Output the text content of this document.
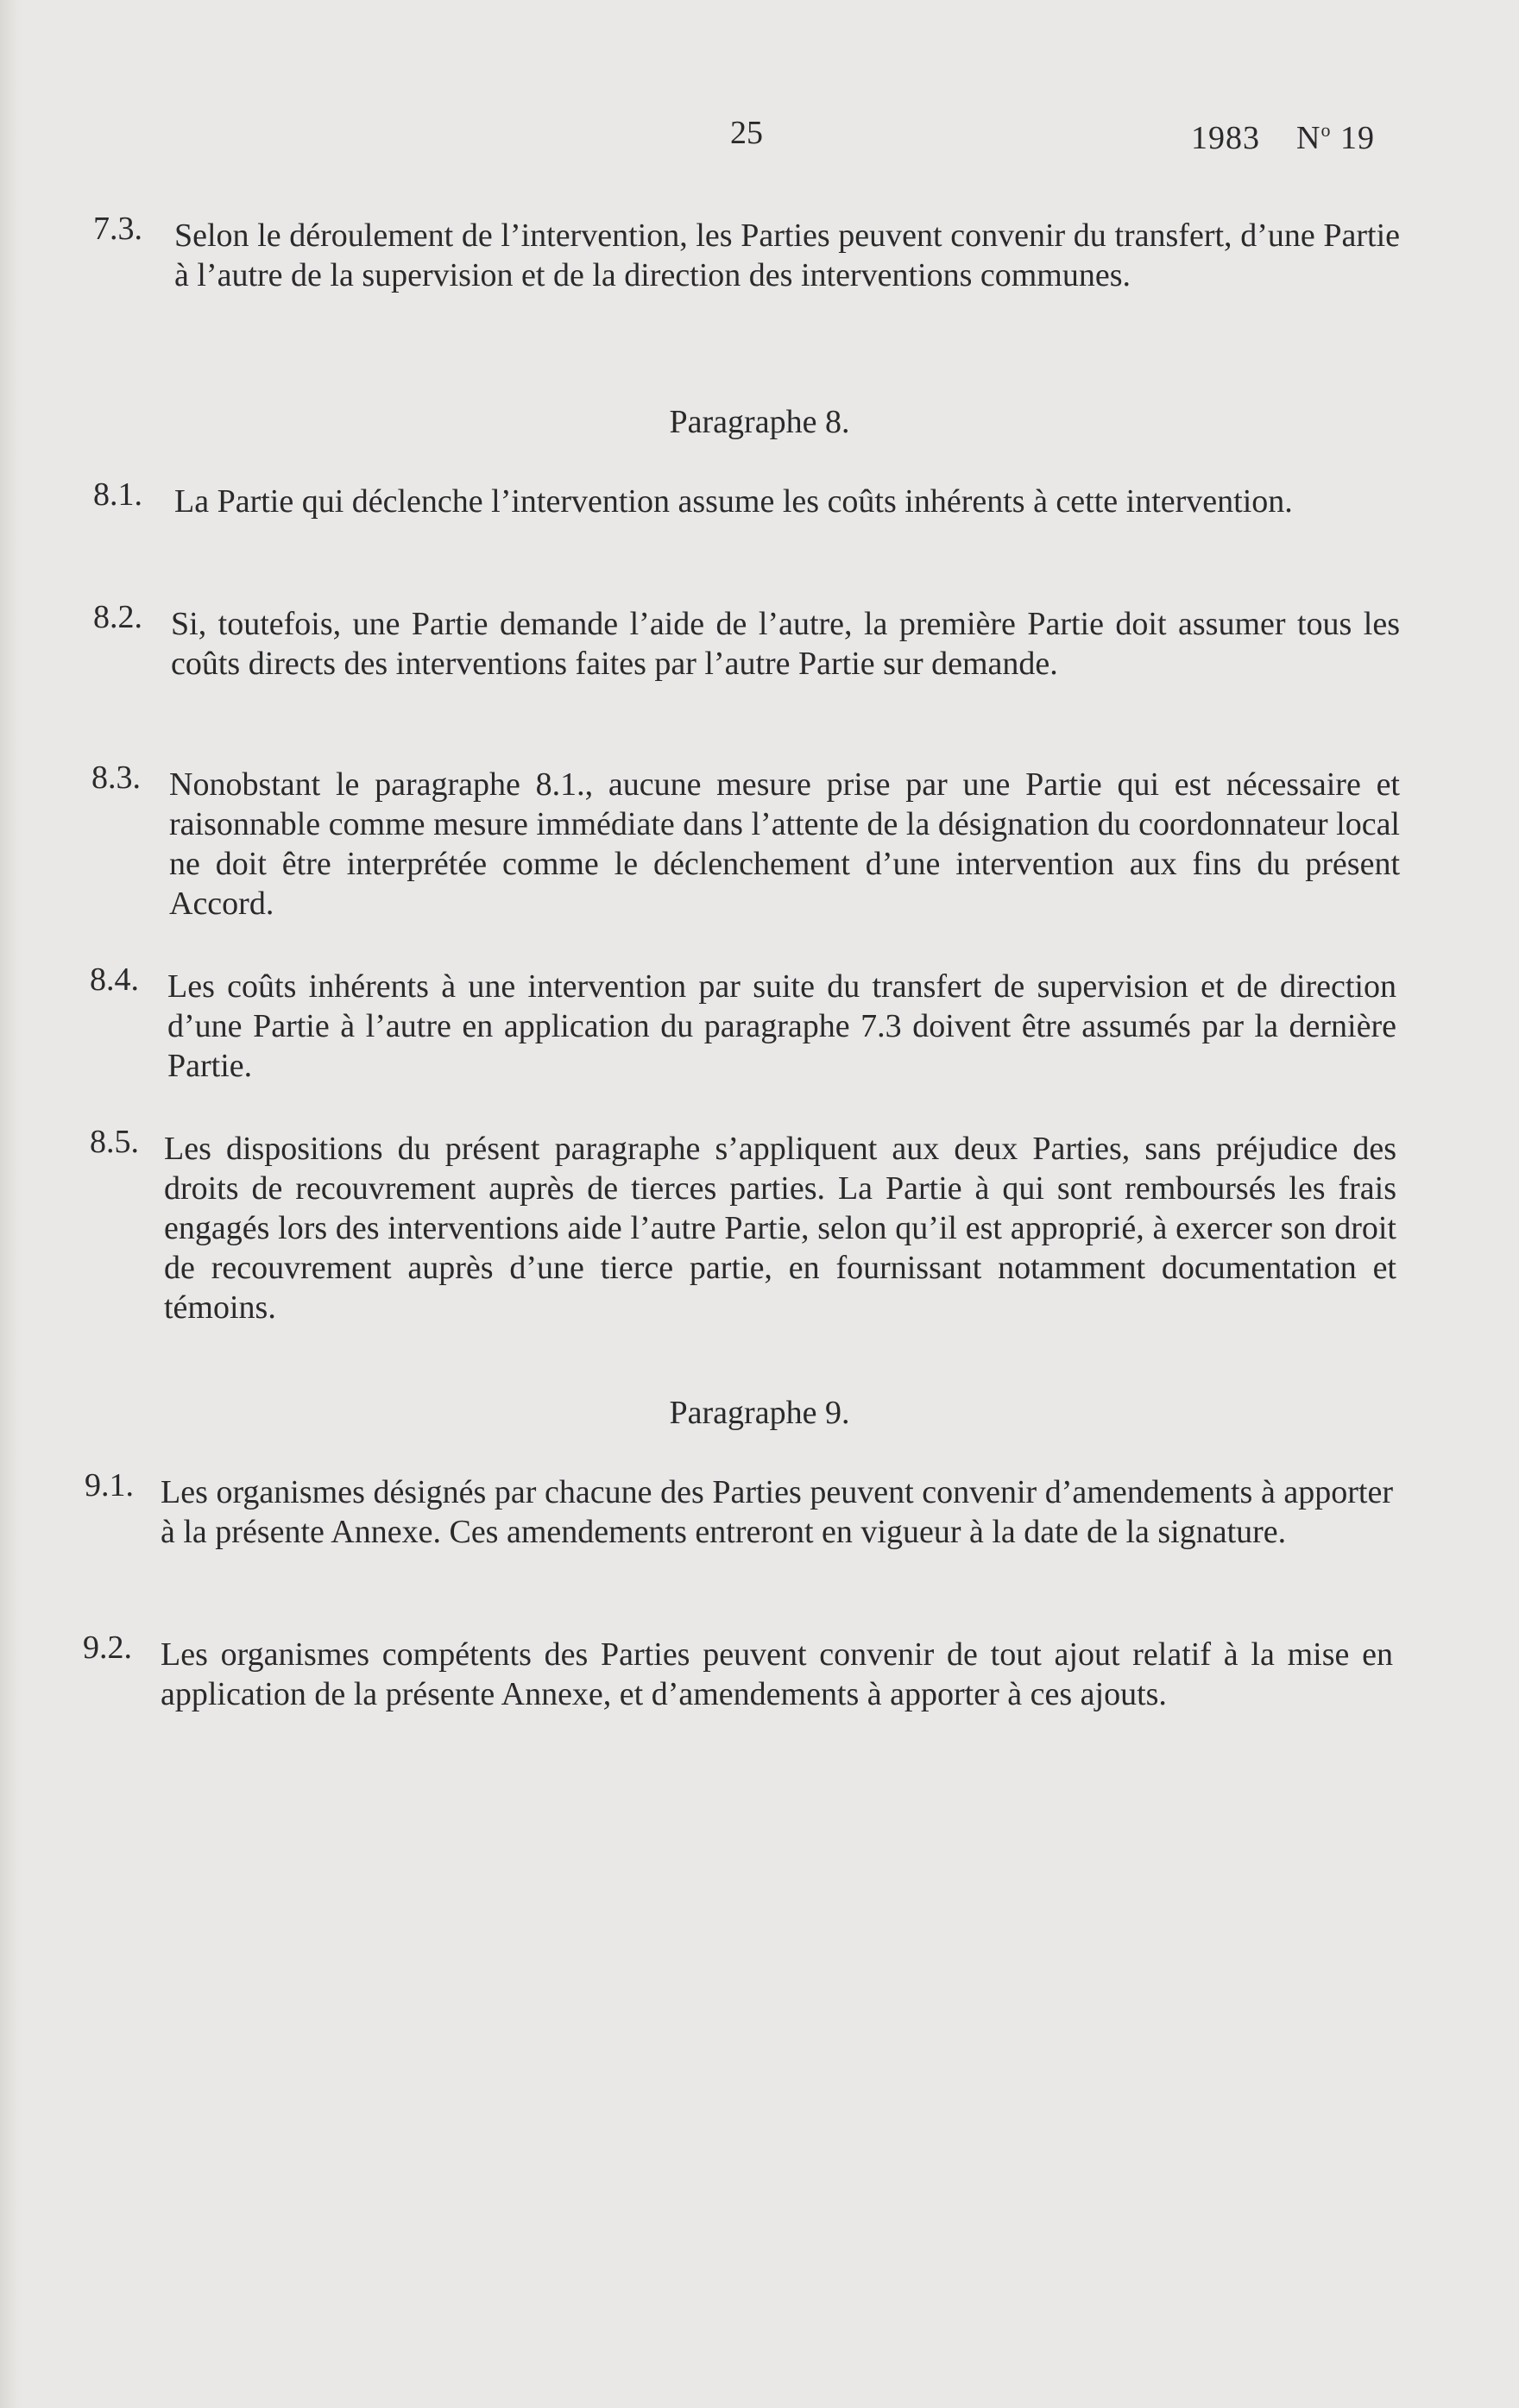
25	1983 $N^o$ 19
7.3. Selon le déroulement de l’intervention, les Parties peuvent convenir du transfert, d’une Partie à l’autre de la supervision et de la direction des interventions communes.
Paragraphe 8.
8.1. La Partie qui déclenche l’intervention assume les coûts inhérents à cette intervention.
8.2. Si, toutefois, une Partie demande l’aide de l’autre, la première Partie doit assumer tous les coûts directs des interventions faites par l’autre Partie sur demande.
8.3. Nonobstant le paragraphe 8.1., aucune mesure prise par une Partie qui est nécessaire et raisonnable comme mesure immédiate dans l’attente de la désignation du coordonnateur local ne doit être interprétée comme le déclenchement d’une intervention aux fins du présent Accord.
8.4. Les coûts inhérents à une intervention par suite du transfert de supervision et de direction d’une Partie à l’autre en application du paragraphe 7.3 doivent être assumés par la dernière Partie.
8.5. Les dispositions du présent paragraphe s’appliquent aux deux Parties, sans préjudice des droits de recouvrement auprès de tierces parties. La Partie à qui sont remboursés les frais engagés lors des interventions aide l’autre Partie, selon qu’il est approprié, à exercer son droit de recouvrement auprès d’une tierce partie, en fournissant notamment documentation et témoins.
Paragraphe 9.
9.1. Les organismes désignés par chacune des Parties peuvent convenir d’amendements à apporter à la présente Annexe. Ces amendements entreront en vigueur à la date de la signature.
9.2. Les organismes compétents des Parties peuvent convenir de tout ajout relatif à la mise en application de la présente Annexe, et d’amendements à apporter à ces ajouts.
